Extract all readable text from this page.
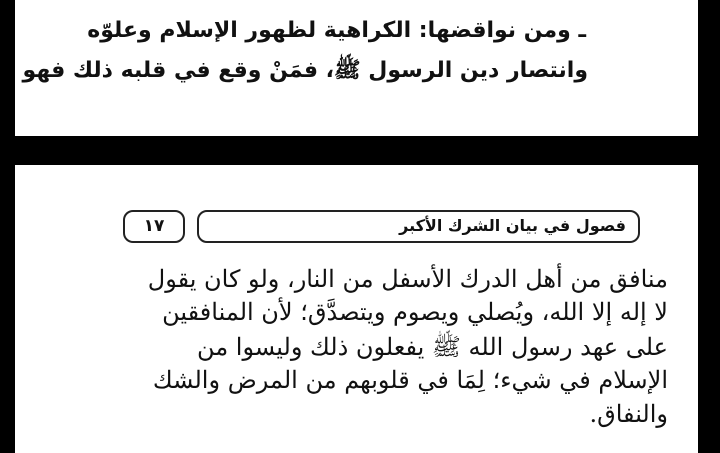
ـ ومن نواقضها: الكراهية لظهور الإسلام وعلوّه
وانتصار دين الرسول ﷺ، فمَنْ وقع في قلبه ذلك فهو
فصول في بيان الشرك الأكبر
١٧
منافق من أهل الدرك الأسفل من النار، ولو كان يقول
لا إله إلا الله، ويُصلي ويصوم ويتصدَّق؛ لأن المنافقين
على عهد رسول الله ﷺ يفعلون ذلك وليسوا من
الإسلام في شيء؛ لِمَا في قلوبهم من المرض والشك
والنفاق.
